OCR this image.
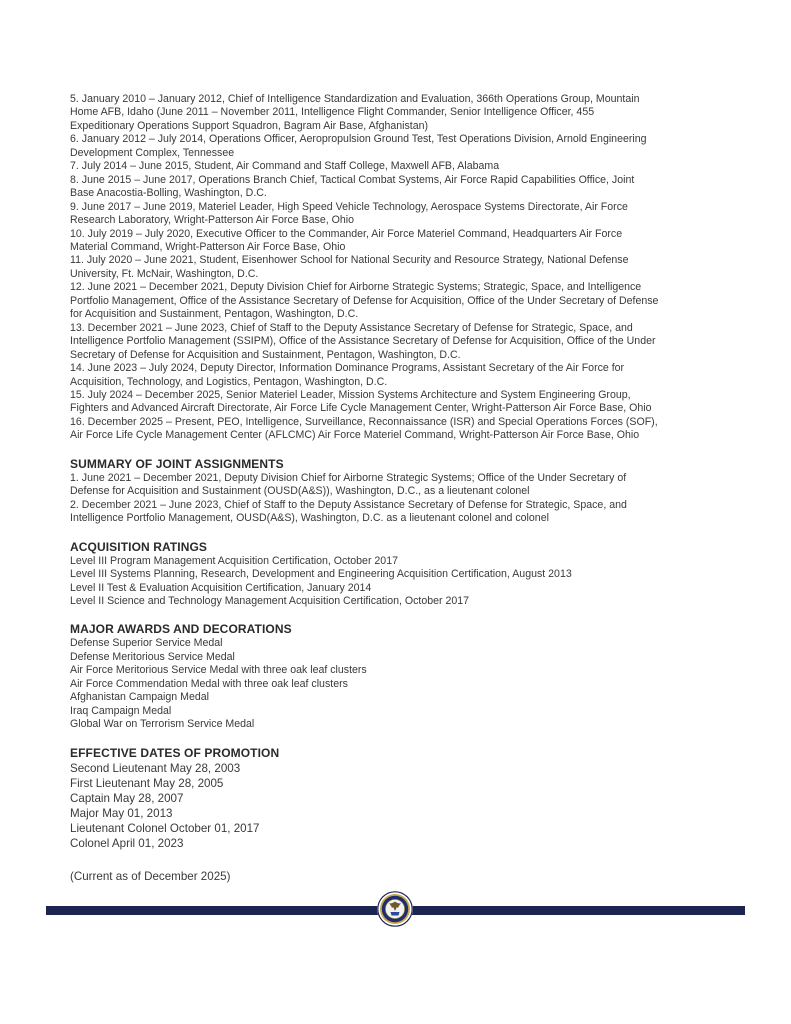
5. January 2010 – January 2012, Chief of Intelligence Standardization and Evaluation, 366th Operations Group, Mountain
Home AFB, Idaho (June 2011 – November 2011, Intelligence Flight Commander, Senior Intelligence Officer, 455
Expeditionary Operations Support Squadron, Bagram Air Base, Afghanistan)

6. January 2012 – July 2014, Operations Officer, Aeropropulsion Ground Test, Test Operations Division, Arnold Engineering
Development Complex, Tennessee

7. July 2014 – June 2015, Student, Air Command and Staff College, Maxwell AFB, Alabama

8. June 2015 – June 2017, Operations Branch Chief, Tactical Combat Systems, Air Force Rapid Capabilities Office, Joint
Base Anacostia-Bolling, Washington, D.C.

9. June 2017 – June 2019, Materiel Leader, High Speed Vehicle Technology, Aerospace Systems Directorate, Air Force
Research Laboratory, Wright-Patterson Air Force Base, Ohio

10. July 2019 – July 2020, Executive Officer to the Commander, Air Force Materiel Command, Headquarters Air Force
Material Command, Wright-Patterson Air Force Base, Ohio

11. July 2020 – June 2021, Student, Eisenhower School for National Security and Resource Strategy, National Defense
University, Ft. McNair, Washington, D.C.

12. June 2021 – December 2021, Deputy Division Chief for Airborne Strategic Systems; Strategic, Space, and Intelligence
Portfolio Management, Office of the Assistance Secretary of Defense for Acquisition, Office of the Under Secretary of Defense
for Acquisition and Sustainment, Pentagon, Washington, D.C.

13. December 2021 – June 2023, Chief of Staff to the Deputy Assistance Secretary of Defense for Strategic, Space, and
Intelligence Portfolio Management (SSIPM), Office of the Assistance Secretary of Defense for Acquisition, Office of the Under
Secretary of Defense for Acquisition and Sustainment, Pentagon, Washington, D.C.

14. June 2023 – July 2024, Deputy Director, Information Dominance Programs, Assistant Secretary of the Air Force for
Acquisition, Technology, and Logistics, Pentagon, Washington, D.C.

15. July 2024 – December 2025, Senior Materiel Leader, Mission Systems Architecture and System Engineering Group,
Fighters and Advanced Aircraft Directorate, Air Force Life Cycle Management Center, Wright-Patterson Air Force Base, Ohio

16. December 2025 – Present, PEO, Intelligence, Surveillance, Reconnaissance (ISR) and Special Operations Forces (SOF),
Air Force Life Cycle Management Center (AFLCMC) Air Force Materiel Command, Wright-Patterson Air Force Base, Ohio

SUMMARY OF JOINT ASSIGNMENTS

1. June 2021 – December 2021, Deputy Division Chief for Airborne Strategic Systems; Office of the Under Secretary of
Defense for Acquisition and Sustainment (OUSD(A&S)), Washington, D.C., as a lieutenant colonel

2. December 2021 – June 2023, Chief of Staff to the Deputy Assistance Secretary of Defense for Strategic, Space, and
Intelligence Portfolio Management, OUSD(A&S), Washington, D.C. as a lieutenant colonel and colonel

ACQUISITION RATINGS

Level III Program Management Acquisition Certification, October 2017

Level III Systems Planning, Research, Development and Engineering Acquisition Certification, August 2013

Level II Test & Evaluation Acquisition Certification, January 2014

Level II Science and Technology Management Acquisition Certification, October 2017

MAJOR AWARDS AND DECORATIONS

Defense Superior Service Medal

Defense Meritorious Service Medal

Air Force Meritorious Service Medal with three oak leaf clusters

Air Force Commendation Medal with three oak leaf clusters

Afghanistan Campaign Medal

Iraq Campaign Medal

Global War on Terrorism Service Medal

EFFECTIVE DATES OF PROMOTION

Second Lieutenant May 28, 2003

First Lieutenant May 28, 2005

Captain May 28, 2007

Major May 01, 2013

Lieutenant Colonel October 01, 2017

Colonel April 01, 2023

(Current as of December 2025)
